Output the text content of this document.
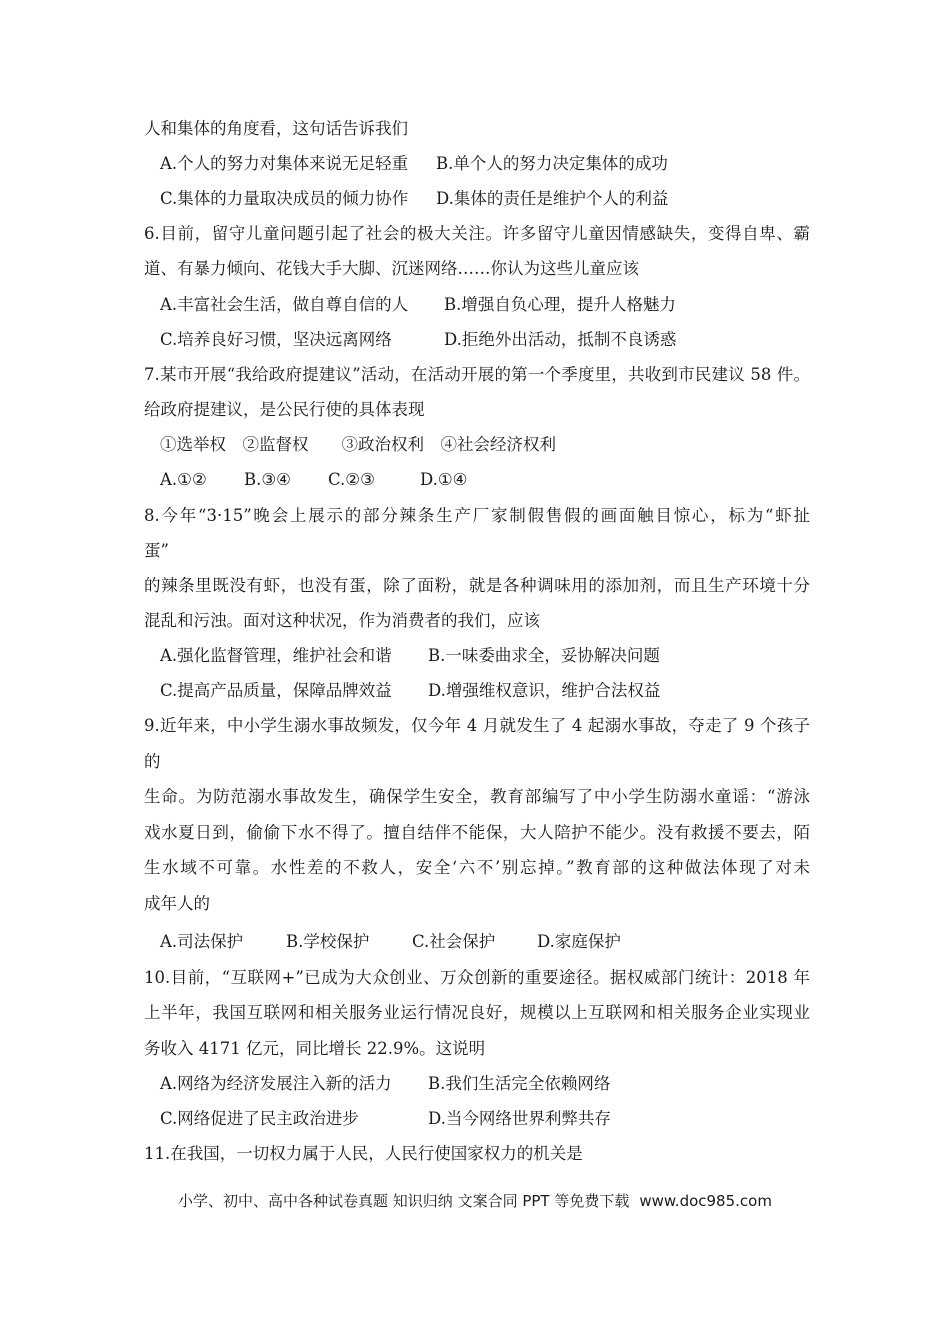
人和集体的角度看，这句话告诉我们
A.个人的努力对集体来说无足轻重 B.单个人的努力决定集体的成功
C.集体的力量取决成员的倾力协作 D.集体的责任是维护个人的利益
6.目前，留守儿童问题引起了社会的极大关注。许多留守儿童因情感缺失，变得自卑、霸
道、有暴力倾向、花钱大手大脚、沉迷网络……你认为这些儿童应该
A.丰富社会生活，做自尊自信的人 B.增强自负心理，提升人格魅力
C.培养良好习惯，坚决远离网络	D.拒绝外出活动，抵制不良诱惑
7.某市开展“我给政府提建议”活动，在活动开展的第一个季度里，共收到市民建议 58 件。
给政府提建议，是公民行使的具体表现
①选举权　②监督权　　③政治权利　④社会经济权利
A.①② B.③④ C.②③	D.①④
8.今年“3·15”晚会上展示的部分辣条生产厂家制假售假的画面触目惊心，标为“虾扯
蛋”
的辣条里既没有虾，也没有蛋，除了面粉，就是各种调味用的添加剂，而且生产环境十分
混乱和污浊。面对这种状况，作为消费者的我们，应该
A.强化监督管理，维护社会和谐 B.一味委曲求全，妥协解决问题
C.提高产品质量，保障品牌效益 D.增强维权意识，维护合法权益
9.近年来，中小学生溺水事故频发，仅今年 4 月就发生了 4 起溺水事故，夺走了 9 个孩子
的
生命。为防范溺水事故发生，确保学生安全，教育部编写了中小学生防溺水童谣：“游泳
戏水夏日到，偷偷下水不得了。擅自结伴不能保，大人陪护不能少。没有救援不要去，陌
生水域不可靠。水性差的不救人，安全‘六不’别忘掉。”教育部的这种做法体现了对未
成年人的
A.司法保护	B.学校保护	C.社会保护	D.家庭保护
10.目前，“互联网+”已成为大众创业、万众创新的重要途径。据权威部门统计：2018 年
上半年，我国互联网和相关服务业运行情况良好，规模以上互联网和相关服务企业实现业
务收入 4171 亿元，同比增长 22.9%。这说明
A.网络为经济发展注入新的活力 B.我们生活完全依赖网络
C.网络促进了民主政治进步	D.当今网络世界利弊共存
11.在我国，一切权力属于人民，人民行使国家权力的机关是
小学、初中、高中各种试卷真题 知识归纳 文案合同 PPT 等免费下载 www.doc985.com
